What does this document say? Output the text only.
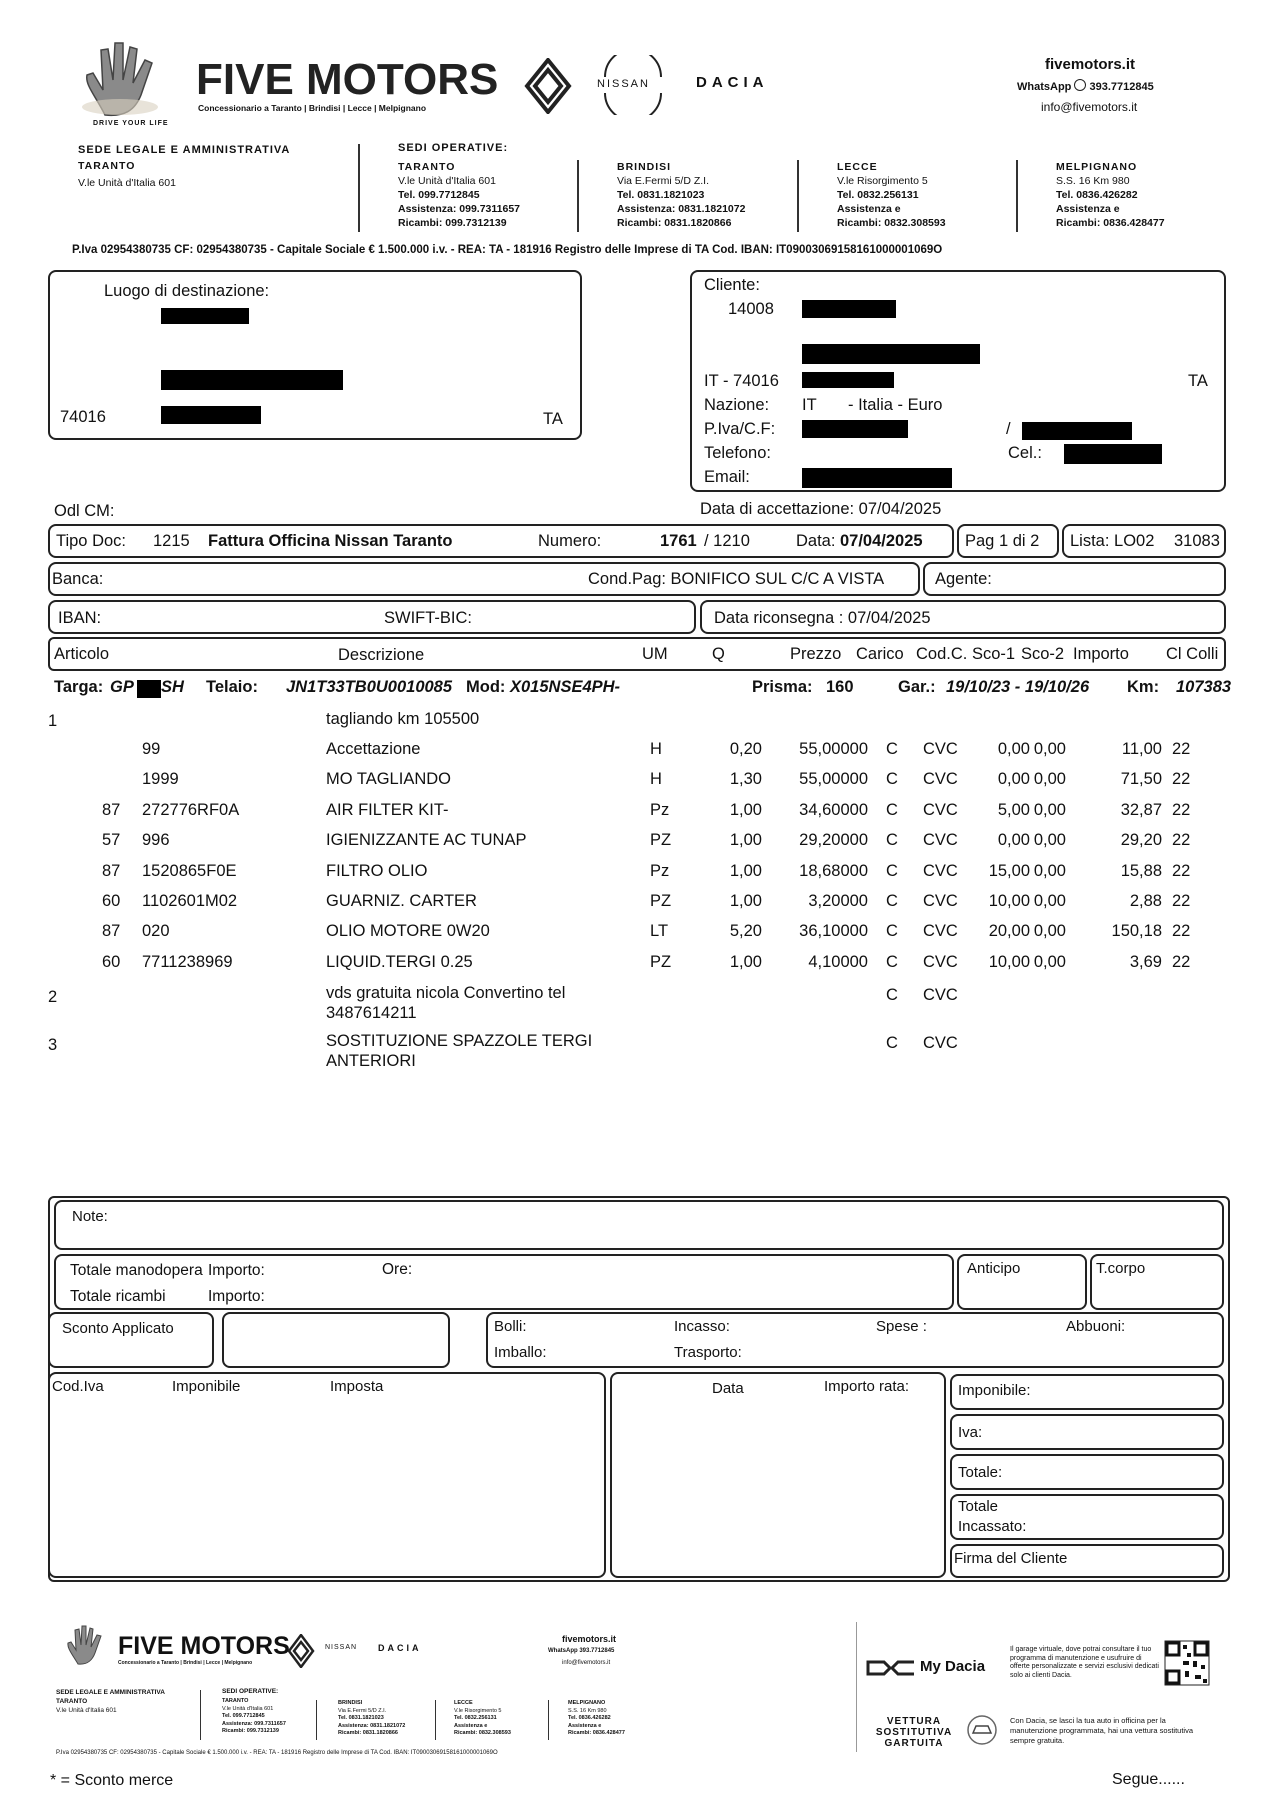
DRIVE YOUR LIFE
FIVE MOTORS
Concessionario a Taranto | Brindisi | Lecce | Melpignano
NISSAN	DACIA
fivemotors.it
WhatsApp 393.7712845
info@fivemotors.it
SEDE LEGALE E AMMINISTRATIVA
TARANTO
V.le Unità d'Italia 601
SEDI OPERATIVE:
TARANTO
V.le Unità d'Italia 601
Tel. 099.7712845
Assistenza: 099.7311657
Ricambi: 099.7312139
BRINDISI
Via E.Fermi 5/D Z.I.
Tel. 0831.1821023
Assistenza: 0831.1821072
Ricambi: 0831.1820866
LECCE
V.le Risorgimento 5
Tel. 0832.256131
Assistenza e
Ricambi: 0832.308593
MELPIGNANO
S.S. 16 Km 980
Tel. 0836.426282
Assistenza e
Ricambi: 0836.428477
P.Iva 02954380735 CF: 02954380735 - Capitale Sociale € 1.500.000 i.v. - REA: TA - 181916 Registro delle Imprese di TA Cod. IBAN: IT09003069158161000001069O
Luogo di destinazione:
74016	TA
Cliente:
14008
IT - 74016	TA
Nazione: IT - Italia - Euro
P.Iva/C.F:	/
Telefono:	Cel.:
Email:
Odl CM:	Data di accettazione: 07/04/2025
Tipo Doc: 1215 Fattura Officina Nissan Taranto	Numero:	1761 / 1210	Data: 07/04/2025	Pag 1 di 2 Lista: LO02 31083
Banca:	Cond.Pag: BONIFICO SUL C/C A VISTA	Agente:
IBAN:	SWIFT-BIC:	Data riconsegna : 07/04/2025
Articolo	Descrizione	UM	Q	Prezzo Carico Cod.C. Sco-1 Sco-2 Importo Cl Colli
Targa: GP SH Telaio: JN1T33TB0U0010085 Mod: X015NSE4PH-	Prisma: 160	Gar.: 19/10/23 - 19/10/26 Km: 107383
1	tagliando km 105500
99	Accettazione	H	0,20 55,00000 C CVC 0,00 0,00	11,00 22
1999	MO TAGLIANDO	H	1,30 55,00000 C CVC 0,00 0,00	71,50 22
87 272776RF0A	AIR FILTER KIT-	Pz	1,00 34,60000 C CVC 5,00 0,00	32,87 22
57 996	IGIENIZZANTE AC TUNAP	PZ	1,00 29,20000 C CVC 0,00 0,00	29,20 22
87 1520865F0E	FILTRO OLIO	Pz	1,00 18,68000 C CVC 15,00 0,00	15,88 22
60 1102601M02	GUARNIZ. CARTER	PZ	1,00	3,20000 C CVC 10,00 0,00	2,88 22
87 020	OLIO MOTORE 0W20	LT	5,20 36,10000 C CVC 20,00 0,00	150,18 22
60 7711238969	LIQUID.TERGI 0.25	PZ	1,00	4,10000 C CVC 10,00 0,00	3,69 22
2	vds gratuita nicola Convertino tel
3487614211
C CVC
3	SOSTITUZIONE SPAZZOLE TERGI
ANTERIORI
C CVC
Note:
Totale manodopera Importo:	Ore:
Totale ricambi	Importo:
Anticipo	T.corpo
Sconto Applicato	Bolli:
Imballo:
Incasso:
Trasporto:
Spese :	Abbuoni:
Cod.Iva	Imponibile	Imposta	Data	Importo rata:	Imponibile:
Iva:
Totale:
Totale
Incassato:
Firma del Cliente
FIVE MOTORS
Concessionario a Taranto | Brindisi | Lecce | Melpignano
NISSAN DACIA
fivemotors.it
WhatsApp 393.7712845
info@fivemotors.it
SEDE LEGALE E AMMINISTRATIVA
TARANTO
V.le Unità d'Italia 601
SEDI OPERATIVE:
TARANTO
V.le Unità d'Italia 601
Tel. 099.7712845
Assistenza: 099.7311657
Ricambi: 099.7312139
BRINDISI
Via E.Fermi 5/D Z.I.
Tel. 0831.1821023
Assistenza: 0831.1821072
Ricambi: 0831.1820866
LECCE
V.le Risorgimento 5
Tel. 0832.256131
Assistenza e
Ricambi: 0832.308593
MELPIGNANO
S.S. 16 Km 980
Tel. 0836.426282
Assistenza e
Ricambi: 0836.428477
P.Iva 02954380735 CF: 02954380735 - Capitale Sociale € 1.500.000 i.v. - REA: TA - 181916 Registro delle Imprese di TA Cod. IBAN: IT09003069158161000001069O
My Dacia
Il garage virtuale, dove potrai consultare il tuo programma di manutenzione e usufruire di offerte personalizzate e servizi esclusivi dedicati solo ai clienti Dacia.
VETTURA SOSTITUTIVA GARTUITA
Con Dacia, se lasci la tua auto in officina per la manutenzione programmata, hai una vettura sostitutiva sempre gratuita.
* = Sconto merce	Segue......
